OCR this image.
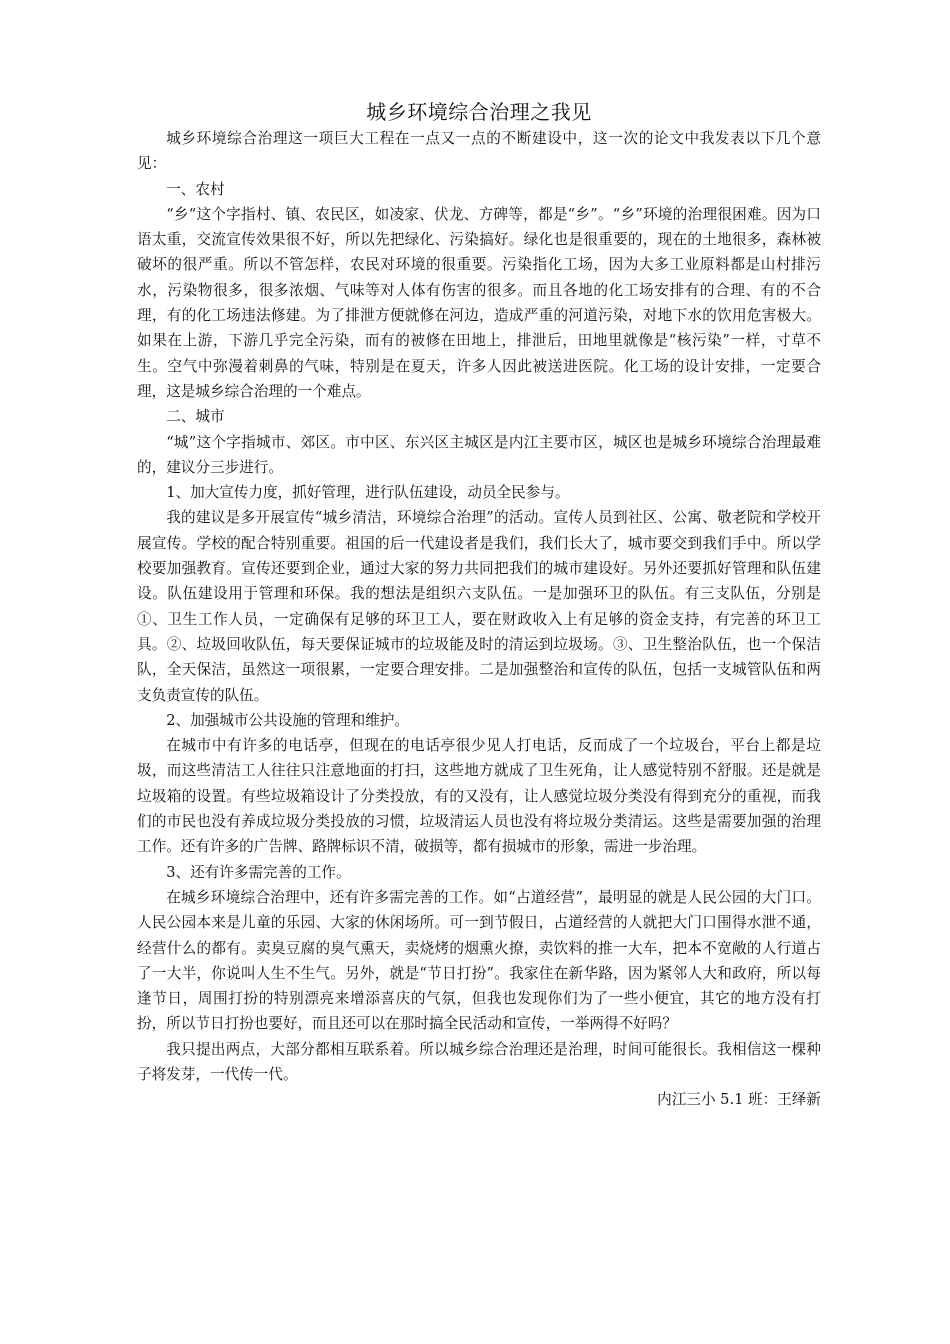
城乡环境综合治理之我见

城乡环境综合治理这一项巨大工程在一点又一点的不断建设中，这一次的论文中我发表以下几个意见：

一、农村

“乡“这个字指村、镇、农民区，如凌家、伏龙、方碑等，都是“乡”。“乡”环境的治理很困难。因为口语太重，交流宣传效果很不好，所以先把绿化、污染搞好。绿化也是很重要的，现在的土地很多，森林被破坏的很严重。所以不管怎样，农民对环境的很重要。污染指化工场，因为大多工业原料都是山村排污水，污染物很多，很多浓烟、气味等对人体有伤害的很多。而且各地的化工场安排有的合理、有的不合理，有的化工场违法修建。为了排泄方便就修在河边，造成严重的河道污染，对地下水的饮用危害极大。如果在上游，下游几乎完全污染，而有的被修在田地上，排泄后，田地里就像是“核污染”一样，寸草不生。空气中弥漫着刺鼻的气味，特别是在夏天，许多人因此被送进医院。化工场的设计安排，一定要合理，这是城乡综合治理的一个难点。

二、城市

“城”这个字指城市、郊区。市中区、东兴区主城区是内江主要市区，城区也是城乡环境综合治理最难的，建议分三步进行。

1、加大宣传力度，抓好管理，进行队伍建设，动员全民参与。

我的建议是多开展宣传“城乡清洁，环境综合治理”的活动。宣传人员到社区、公寓、敬老院和学校开展宣传。学校的配合特别重要。祖国的后一代建设者是我们，我们长大了，城市要交到我们手中。所以学校要加强教育。宣传还要到企业，通过大家的努力共同把我们的城市建设好。另外还要抓好管理和队伍建设。队伍建设用于管理和环保。我的想法是组织六支队伍。一是加强环卫的队伍。有三支队伍，分别是①、卫生工作人员，一定确保有足够的环卫工人，要在财政收入上有足够的资金支持，有完善的环卫工具。②、垃圾回收队伍，每天要保证城市的垃圾能及时的清运到垃圾场。③、卫生整治队伍，也一个保洁队，全天保洁，虽然这一项很累，一定要合理安排。二是加强整治和宣传的队伍，包括一支城管队伍和两支负责宣传的队伍。

2、加强城市公共设施的管理和维护。

在城市中有许多的电话亭，但现在的电话亭很少见人打电话，反而成了一个垃圾台，平台上都是垃圾，而这些清洁工人往往只注意地面的打扫，这些地方就成了卫生死角，让人感觉特别不舒服。还是就是垃圾箱的设置。有些垃圾箱设计了分类投放，有的又没有，让人感觉垃圾分类没有得到充分的重视，而我们的市民也没有养成垃圾分类投放的习惯，垃圾清运人员也没有将垃圾分类清运。这些是需要加强的治理工作。还有许多的广告牌、路牌标识不清，破损等，都有损城市的形象，需进一步治理。

3、还有许多需完善的工作。

在城乡环境综合治理中，还有许多需完善的工作。如“占道经营”，最明显的就是人民公园的大门口。人民公园本来是儿童的乐园、大家的休闲场所。可一到节假日，占道经营的人就把大门口围得水泄不通，经营什么的都有。卖臭豆腐的臭气熏天，卖烧烤的烟熏火撩，卖饮料的推一大车，把本不宽敞的人行道占了一大半，你说叫人生不生气。另外，就是“节日打扮”。我家住在新华路，因为紧邻人大和政府，所以每逢节日，周围打扮的特别漂亮来增添喜庆的气氛，但我也发现你们为了一些小便宜，其它的地方没有打扮，所以节日打扮也要好，而且还可以在那时搞全民活动和宣传，一举两得不好吗？

我只提出两点，大部分都相互联系着。所以城乡综合治理还是治理，时间可能很长。我相信这一棵种子将发芽，一代传一代。

内江三小 5.1 班：王绎新
